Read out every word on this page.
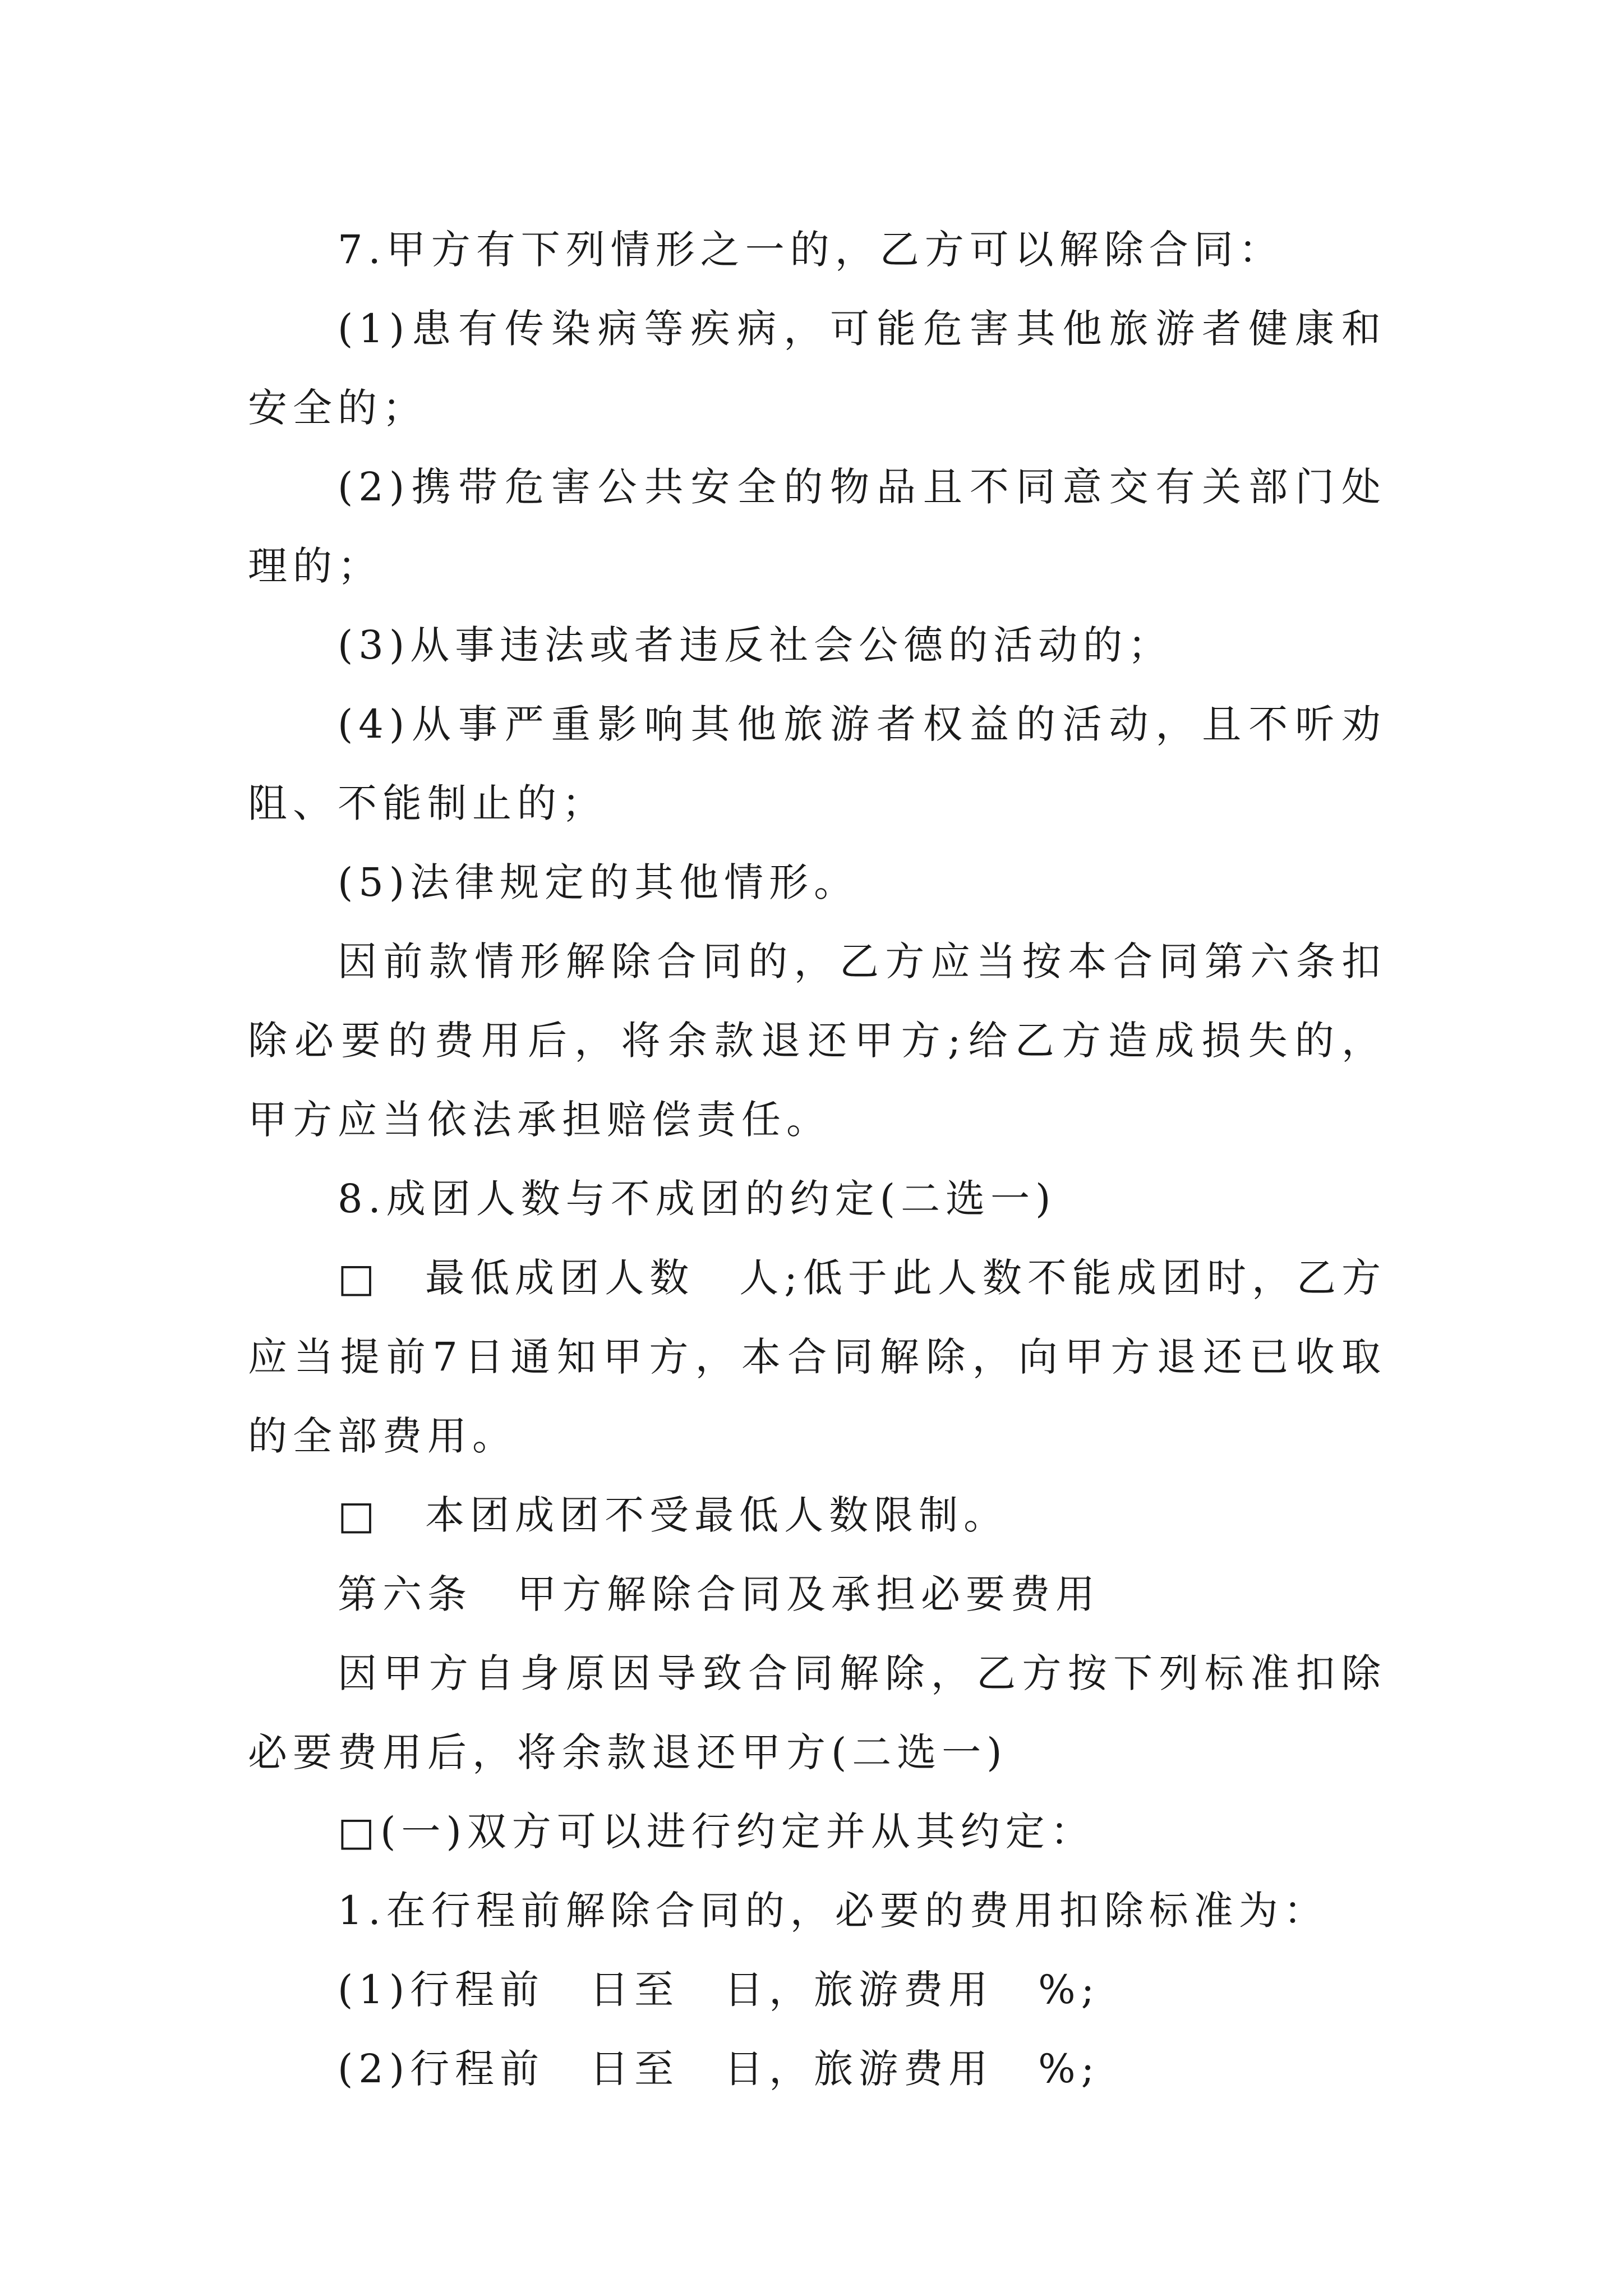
7.甲方有下列情形之一的，乙方可以解除合同：

(1)患有传染病等疾病，可能危害其他旅游者健康和安全的；

(2)携带危害公共安全的物品且不同意交有关部门处理的；

(3)从事违法或者违反社会公德的活动的；

(4)从事严重影响其他旅游者权益的活动，且不听劝阻、不能制止的；

(5)法律规定的其他情形。

因前款情形解除合同的，乙方应当按本合同第六条扣除必要的费用后，将余款退还甲方;给乙方造成损失的，甲方应当依法承担赔偿责任。

8.成团人数与不成团的约定(二选一)

□　最低成团人数　人;低于此人数不能成团时，乙方应当提前7日通知甲方，本合同解除，向甲方退还已收取的全部费用。

□　本团成团不受最低人数限制。

第六条　甲方解除合同及承担必要费用

因甲方自身原因导致合同解除，乙方按下列标准扣除必要费用后，将余款退还甲方(二选一)

□(一)双方可以进行约定并从其约定：

1.在行程前解除合同的，必要的费用扣除标准为：

(1)行程前　日至　日，旅游费用　%;

(2)行程前　日至　日，旅游费用　%;
